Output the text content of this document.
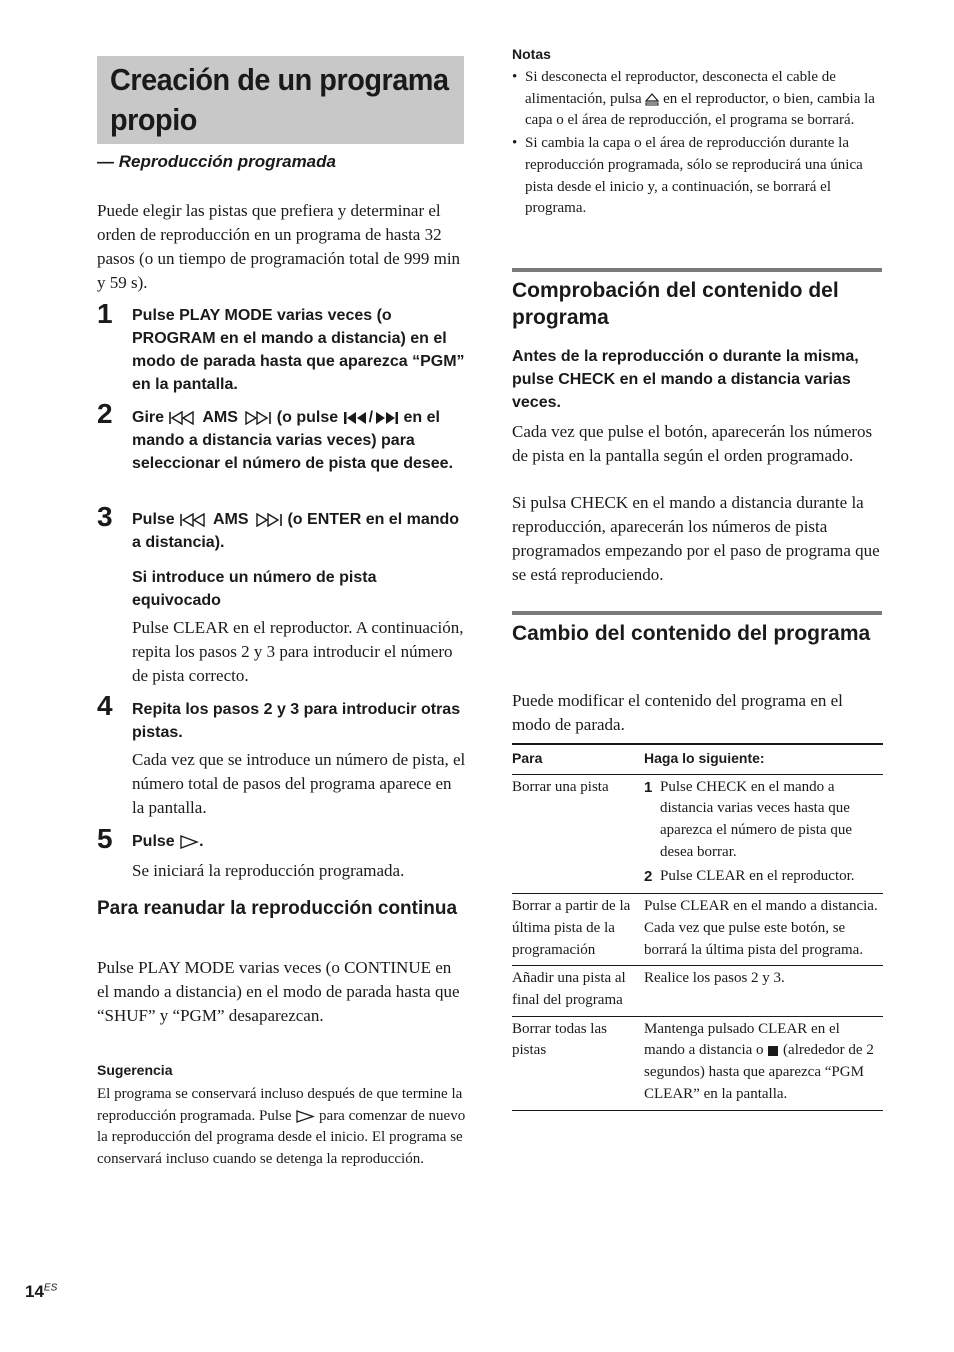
Creación de un programa
propio
— Reproducción programada

Puede elegir las pistas que prefiera y determinar el orden de reproducción en un programa de hasta 32 pasos (o un tiempo de programación total de 999 min y 59 s).

1 Pulse PLAY MODE varias veces (o PROGRAM en el mando a distancia) en el modo de parada hasta que aparezca “PGM” en la pantalla.
2 Gire AMS (o pulse / en el mando a distancia varias veces) para seleccionar el número de pista que desee.
3 Pulse AMS (o ENTER en el mando a distancia).
Si introduce un número de pista equivocado
Pulse CLEAR en el reproductor. A continuación, repita los pasos 2 y 3 para introducir el número de pista correcto.
4 Repita los pasos 2 y 3 para introducir otras pistas.
Cada vez que se introduce un número de pista, el número total de pasos del programa aparece en la pantalla.
5 Pulse .
Se iniciará la reproducción programada.
Para reanudar la reproducción continua
Pulse PLAY MODE varias veces (o CONTINUE en el mando a distancia) en el modo de parada hasta que “SHUF” y “PGM” desaparezcan.
Sugerencia
El programa se conservará incluso después de que termine la reproducción programada. Pulse para comenzar de nuevo la reproducción del programa desde el inicio. El programa se conservará incluso cuando se detenga la reproducción.
Notas
• Si desconecta el reproductor, desconecta el cable de alimentación, pulsa en el reproductor, o bien, cambia la capa o el área de reproducción, el programa se borrará.
• Si cambia la capa o el área de reproducción durante la reproducción programada, sólo se reproducirá una única pista desde el inicio y, a continuación, se borrará el programa.
Comprobación del contenido del programa
Antes de la reproducción o durante la misma, pulse CHECK en el mando a distancia varias veces.
Cada vez que pulse el botón, aparecerán los números de pista en la pantalla según el orden programado.
Si pulsa CHECK en el mando a distancia durante la reproducción, aparecerán los números de pista programados empezando por el paso de programa que se está reproduciendo.
Cambio del contenido del programa
Puede modificar el contenido del programa en el modo de parada.
Para	Haga lo siguiente:
Borrar una pista	1 Pulse CHECK en el mando a distancia varias veces hasta que aparezca el número de pista que desea borrar.
2 Pulse CLEAR en el reproductor.

Borrar a partir de la última pista de la programación	Pulse CLEAR en el mando a distancia.
Cada vez que pulse este botón, se borrará la última pista del programa.

Añadir una pista al final del programa	Realice los pasos 2 y 3.
Borrar todas las pistas	Mantenga pulsado CLEAR en el mando a distancia o (alrededor de 2 segundos) hasta que aparezca “PGM CLEAR” en la pantalla.
$14^{ES}$
